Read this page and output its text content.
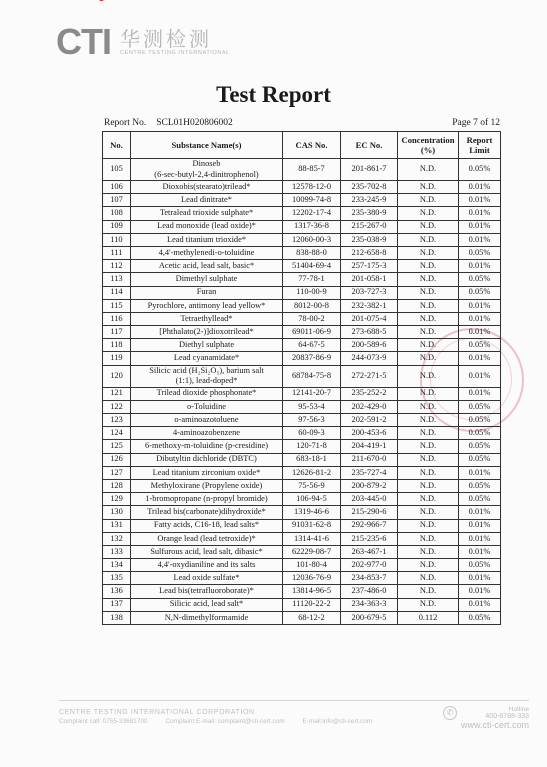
CTI 华测检测
CENTRE TESTING INTERNATIONAL
Test Report
Report No. SCL01H020806002	Page 7 of 12
No.	Substance Name(s)	CAS No.	EC No.	Concentration (%)	Report Limit
105	Dinoseb
(6-sec-butyl-2,4-dinitrophenol)	88-85-7	201-861-7	N.D.	0.05%
106	Dioxobis(stearato)trilead*	12578-12-0	235-702-8	N.D.	0.01%
107	Lead dinitrate*	10099-74-8	233-245-9	N.D.	0.01%
108	Tetralead trioxide sulphate*	12202-17-4	235-380-9	N.D.	0.01%
109	Lead monoxide (lead oxide)*	1317-36-8	215-267-0	N.D.	0.01%
110	Lead titanium trioxide*	12060-00-3	235-038-9	N.D.	0.01%
111	4,4'-methylenedi-o-toluidine	838-88-0	212-658-8	N.D.	0.05%
112	Acetic acid, lead salt, basic*	51404-69-4	257-175-3	N.D.	0.01%
113	Dimethyl sulphate	77-78-1	201-058-1	N.D.	0.05%
114	Furan	110-00-9	203-727-3	N.D.	0.05%
115	Pyrochlore, antimony lead yellow*	8012-00-8	232-382-1	N.D.	0.01%
116	Tetraethyllead*	78-00-2	201-075-4	N.D.	0.01%
117	[Phthalato(2-)]dioxotrilead*	69011-06-9	273-688-5	N.D.	0.01%
118	Diethyl sulphate	64-67-5	200-589-6	N.D.	0.05%
119	Lead cyanamidate*	20837-86-9	244-073-9	N.D.	0.01%
120	Silicic acid (H₂Si₂O₅), barium salt
(1:1), lead-doped*	68784-75-8	272-271-5	N.D.	0.01%
121	Trilead dioxide phosphonate*	12141-20-7	235-252-2	N.D.	0.01%
122	o-Toluidine	95-53-4	202-429-0	N.D.	0.05%
123	o-aminoazotoluene	97-56-3	202-591-2	N.D.	0.05%
124	4-aminoazobenzene	60-09-3	200-453-6	N.D.	0.05%
125	6-methoxy-m-toluidine (p-cresidine)	120-71-8	204-419-1	N.D.	0.05%
126	Dibutyltin dichloride (DBTC)	683-18-1	211-670-0	N.D.	0.05%
127	Lead titanium zirconium oxide*	12626-81-2	235-727-4	N.D.	0.01%
128	Methyloxirane (Propylene oxide)	75-56-9	200-879-2	N.D.	0.05%
129	1-bromopropane (n-propyl bromide)	106-94-5	203-445-0	N.D.	0.05%
130	Trilead bis(carbonate)dihydroxide*	1319-46-6	215-290-6	N.D.	0.01%
131	Fatty acids, C16-18, lead salts*	91031-62-8	292-966-7	N.D.	0.01%
132	Orange lead (lead tetroxide)*	1314-41-6	215-235-6	N.D.	0.01%
133	Sulfurous acid, lead salt, dibasic*	62229-08-7	263-467-1	N.D.	0.01%
134	4,4'-oxydianiline and its salts	101-80-4	202-977-0	N.D.	0.05%
135	Lead oxide sulfate*	12036-76-9	234-853-7	N.D.	0.01%
136	Lead bis(tetrafluoroborate)*	13814-96-5	237-486-0	N.D.	0.01%
137	Silicic acid, lead salt*	11120-22-2	234-363-3	N.D.	0.01%
138	N,N-dimethylformamide	68-12-2	200-679-5	0.112	0.05%
CENTRE TESTING INTERNATIONAL CORPORATION
Complaint call: 0755-33681700	Complaint E-mail: complaint@cti-cert.com	E-mail:info@cti-cert.com
✆	Hotline
400-6788-333
www.cti-cert.com
